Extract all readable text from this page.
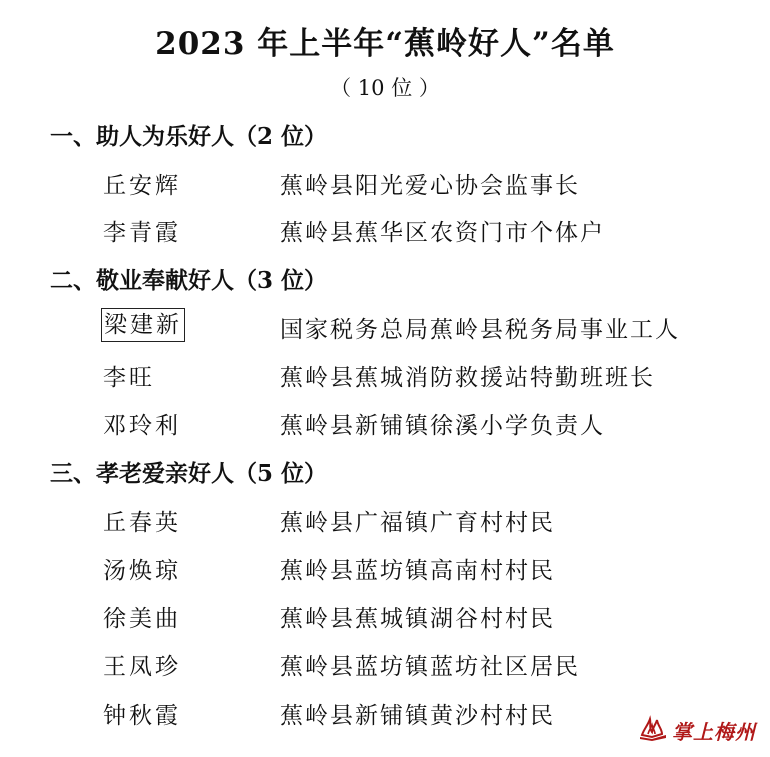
2023 年上半年“蕉岭好人”名单
（ 10 位 ）
一、助人为乐好人（2 位）
丘安辉	蕉岭县阳光爱心协会监事长
李青霞	蕉岭县蕉华区农资门市个体户
二、敬业奉献好人（3 位）
梁建新	国家税务总局蕉岭县税务局事业工人
李旺	蕉岭县蕉城消防救援站特勤班班长
邓玲利	蕉岭县新铺镇徐溪小学负责人
三、孝老爱亲好人（5 位）
丘春英	蕉岭县广福镇广育村村民
汤焕琼	蕉岭县蓝坊镇高南村村民
徐美曲	蕉岭县蕉城镇湖谷村村民
王凤珍	蕉岭县蓝坊镇蓝坊社区居民
钟秋霞	蕉岭县新铺镇黄沙村村民
掌上梅州
